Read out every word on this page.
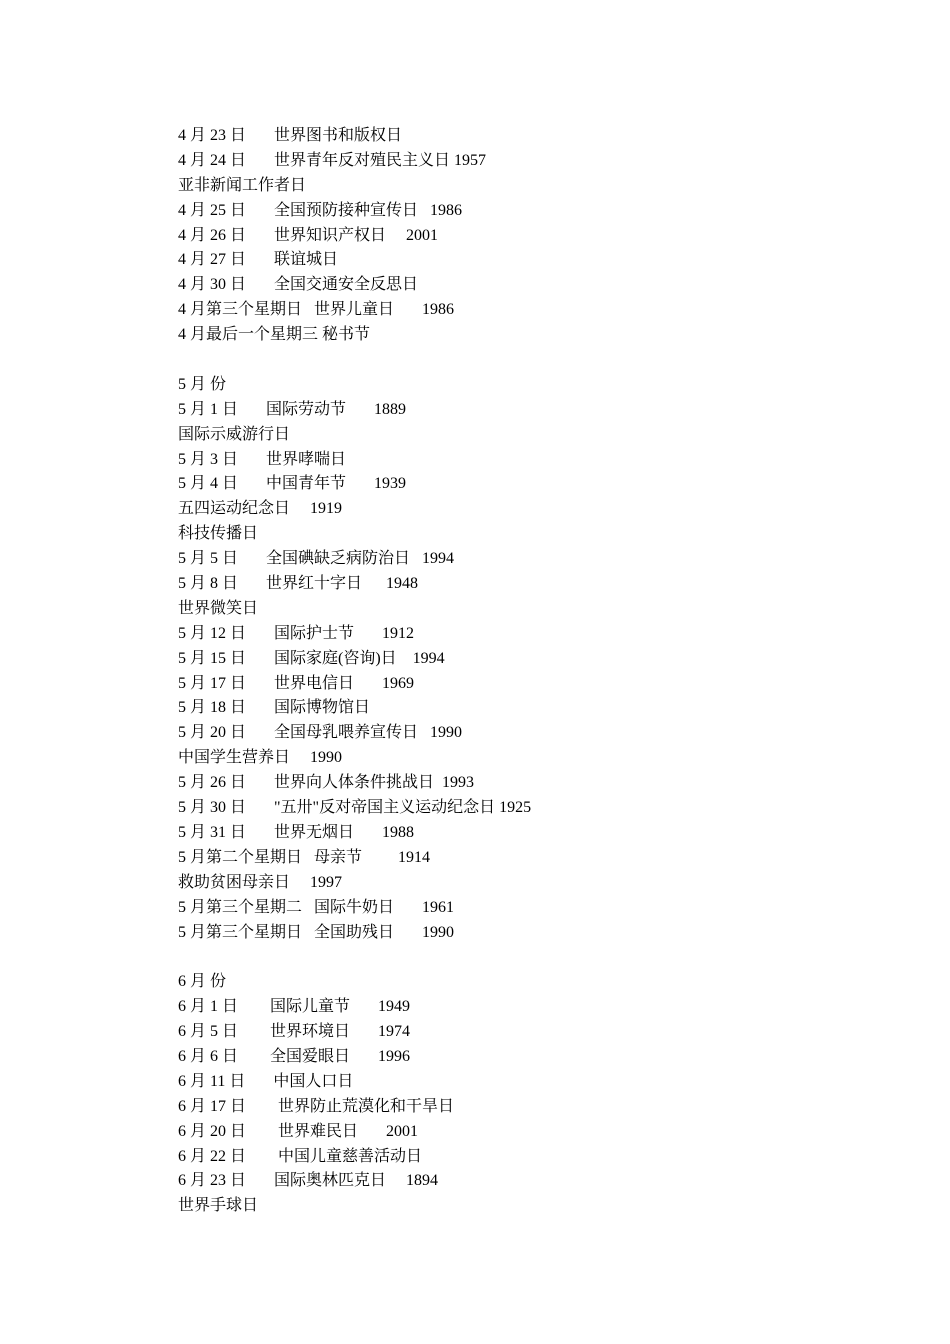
4 月 23 日       世界图书和版权日
4 月 24 日       世界青年反对殖民主义日 1957
亚非新闻工作者日
4 月 25 日       全国预防接种宣传日   1986
4 月 26 日       世界知识产权日     2001
4 月 27 日       联谊城日
4 月 30 日       全国交通安全反思日
4 月第三个星期日   世界儿童日       1986
4 月最后一个星期三 秘书节
5 月 份
5 月 1 日       国际劳动节       1889
国际示威游行日
5 月 3 日       世界哮喘日
5 月 4 日       中国青年节       1939
五四运动纪念日     1919
科技传播日
5 月 5 日       全国碘缺乏病防治日   1994
5 月 8 日       世界红十字日      1948
世界微笑日
5 月 12 日       国际护士节       1912
5 月 15 日       国际家庭(咨询)日    1994
5 月 17 日       世界电信日       1969
5 月 18 日       国际博物馆日
5 月 20 日       全国母乳喂养宣传日   1990
中国学生营养日     1990
5 月 26 日       世界向人体条件挑战日  1993
5 月 30 日       "五卅"反对帝国主义运动纪念日 1925
5 月 31 日       世界无烟日       1988
5 月第二个星期日   母亲节         1914
救助贫困母亲日     1997
5 月第三个星期二   国际牛奶日       1961
5 月第三个星期日   全国助残日       1990
6 月 份
6 月 1 日        国际儿童节       1949
6 月 5 日        世界环境日       1974
6 月 6 日        全国爱眼日       1996
6 月 11 日       中国人口日
6 月 17 日        世界防止荒漠化和干旱日
6 月 20 日        世界难民日       2001
6 月 22 日        中国儿童慈善活动日
6 月 23 日       国际奥林匹克日     1894
世界手球日
